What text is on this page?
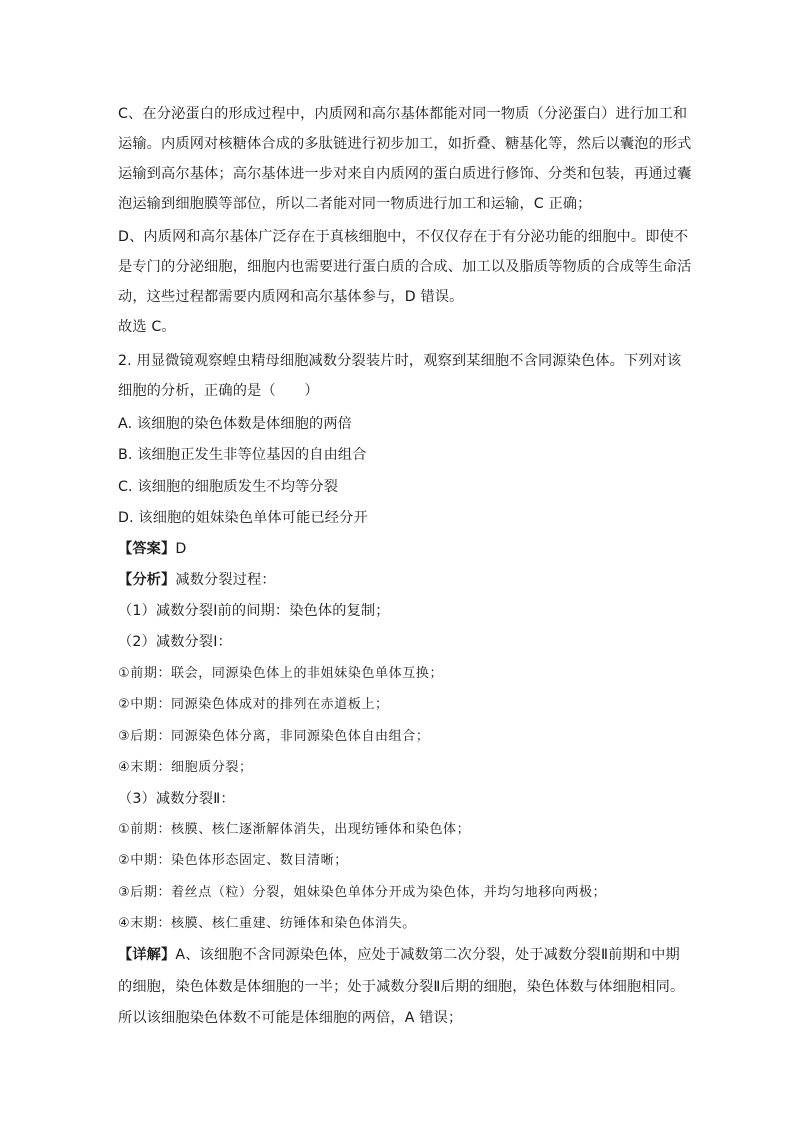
C、在分泌蛋白的形成过程中，内质网和高尔基体都能对同一物质（分泌蛋白）进行加工和
运输。内质网对核糖体合成的多肽链进行初步加工，如折叠、糖基化等，然后以囊泡的形式
运输到高尔基体；高尔基体进一步对来自内质网的蛋白质进行修饰、分类和包装，再通过囊
泡运输到细胞膜等部位，所以二者能对同一物质进行加工和运输，C 正确；
D、内质网和高尔基体广泛存在于真核细胞中，不仅仅存在于有分泌功能的细胞中。即使不
是专门的分泌细胞，细胞内也需要进行蛋白质的合成、加工以及脂质等物质的合成等生命活
动，这些过程都需要内质网和高尔基体参与，D 错误。
故选 C。
2. 用显微镜观察蝗虫精母细胞减数分裂装片时，观察到某细胞不含同源染色体。下列对该
细胞的分析，正确的是（　　）
A. 该细胞的染色体数是体细胞的两倍
B. 该细胞正发生非等位基因的自由组合
C. 该细胞的细胞质发生不均等分裂
D. 该细胞的姐妹染色单体可能已经分开
【答案】D
【分析】减数分裂过程：
（1）减数分裂Ⅰ前的间期：染色体的复制；
（2）减数分裂Ⅰ：
①前期：联会，同源染色体上的非姐妹染色单体互换；
②中期：同源染色体成对的排列在赤道板上；
③后期：同源染色体分离，非同源染色体自由组合；
④末期：细胞质分裂；
（3）减数分裂Ⅱ：
①前期：核膜、核仁逐渐解体消失，出现纺锤体和染色体；
②中期：染色体形态固定、数目清晰；
③后期：着丝点（粒）分裂，姐妹染色单体分开成为染色体，并均匀地移向两极；
④末期：核膜、核仁重建、纺锤体和染色体消失。
【详解】A、该细胞不含同源染色体，应处于减数第二次分裂，处于减数分裂Ⅱ前期和中期
的细胞，染色体数是体细胞的一半；处于减数分裂Ⅱ后期的细胞，染色体数与体细胞相同。
所以该细胞染色体数不可能是体细胞的两倍，A 错误；
